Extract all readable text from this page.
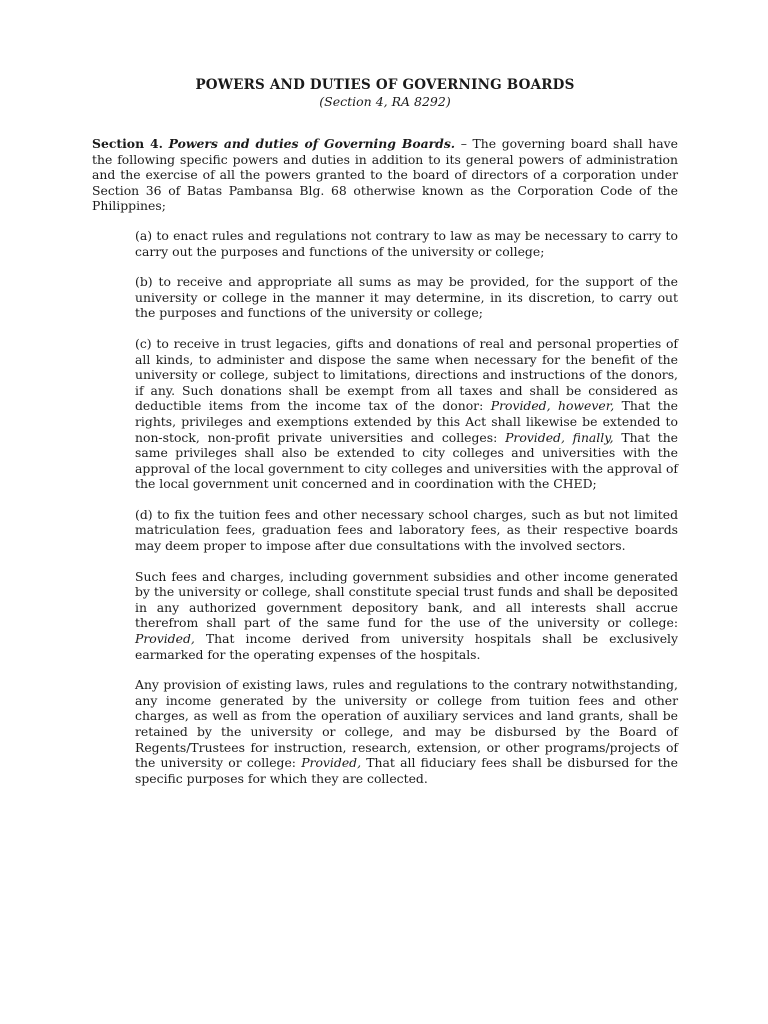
POWERS AND DUTIES OF GOVERNING BOARDS
(Section 4, RA 8292)

Section 4. Powers and duties of Governing Boards. – The governing board shall have the following specific powers and duties in addition to its general powers of administration and the exercise of all the powers granted to the board of directors of a corporation under Section 36 of Batas Pambansa Blg. 68 otherwise known as the Corporation Code of the Philippines;

(a) to enact rules and regulations not contrary to law as may be necessary to carry to carry out the purposes and functions of the university or college;

(b) to receive and appropriate all sums as may be provided, for the support of the university or college in the manner it may determine, in its discretion, to carry out the purposes and functions of the university or college;

(c) to receive in trust legacies, gifts and donations of real and personal properties of all kinds, to administer and dispose the same when necessary for the benefit of the university or college, subject to limitations, directions and instructions of the donors, if any. Such donations shall be exempt from all taxes and shall be considered as deductible items from the income tax of the donor: Provided, however, That the rights, privileges and exemptions extended by this Act shall likewise be extended to non-stock, non-profit private universities and colleges: Provided, finally, That the same privileges shall also be extended to city colleges and universities with the approval of the local government to city colleges and universities with the approval of the local government unit concerned and in coordination with the CHED;

(d) to fix the tuition fees and other necessary school charges, such as but not limited matriculation fees, graduation fees and laboratory fees, as their respective boards may deem proper to impose after due consultations with the involved sectors.

Such fees and charges, including government subsidies and other income generated by the university or college, shall constitute special trust funds and shall be deposited in any authorized government depository bank, and all interests shall accrue therefrom shall part of the same fund for the use of the university or college: Provided, That income derived from university hospitals shall be exclusively earmarked for the operating expenses of the hospitals.

Any provision of existing laws, rules and regulations to the contrary notwithstanding, any income generated by the university or college from tuition fees and other charges, as well as from the operation of auxiliary services and land grants, shall be retained by the university or college, and may be disbursed by the Board of Regents/Trustees for instruction, research, extension, or other programs/projects of the university or college: Provided, That all fiduciary fees shall be disbursed for the specific purposes for which they are collected.
